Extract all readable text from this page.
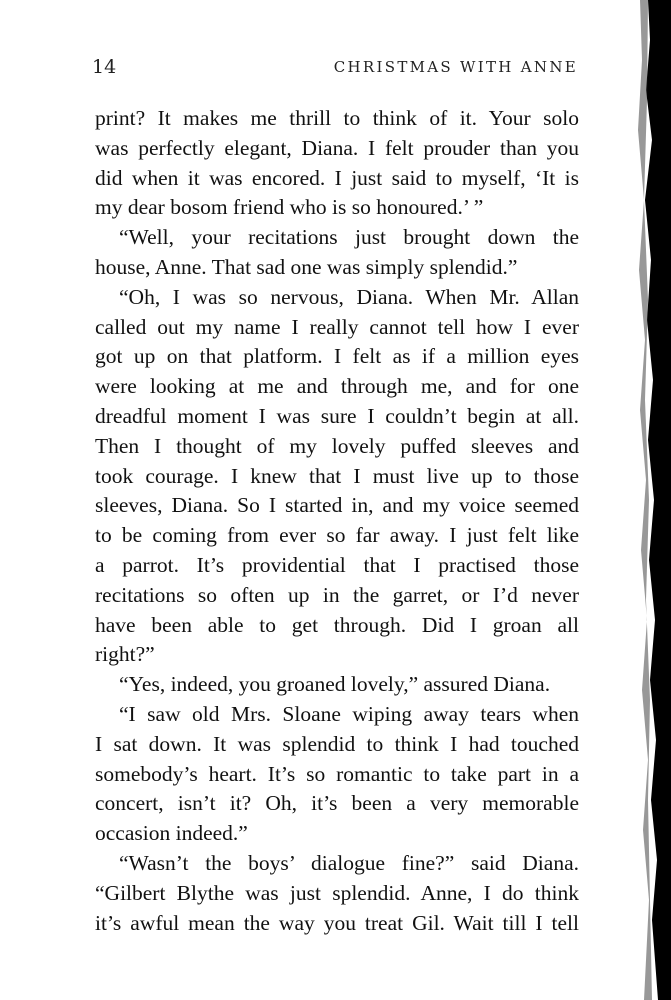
14	CHRISTMAS WITH ANNE
print? It makes me thrill to think of it. Your solo
was perfectly elegant, Diana. I felt prouder than you
did when it was encored. I just said to myself, ‘It is
my dear bosom friend who is so honoured.’ ”
“Well, your recitations just brought down the
house, Anne. That sad one was simply splendid.”
“Oh, I was so nervous, Diana. When Mr. Allan
called out my name I really cannot tell how I ever
got up on that platform. I felt as if a million eyes
were looking at me and through me, and for one
dreadful moment I was sure I couldn’t begin at all.
Then I thought of my lovely puffed sleeves and
took courage. I knew that I must live up to those
sleeves, Diana. So I started in, and my voice seemed
to be coming from ever so far away. I just felt like
a parrot. It’s providential that I practised those
recitations so often up in the garret, or I’d never
have been able to get through. Did I groan all
right?”
“Yes, indeed, you groaned lovely,” assured Diana.
“I saw old Mrs. Sloane wiping away tears when
I sat down. It was splendid to think I had touched
somebody’s heart. It’s so romantic to take part in a
concert, isn’t it? Oh, it’s been a very memorable
occasion indeed.”
“Wasn’t the boys’ dialogue fine?” said Diana.
“Gilbert Blythe was just splendid. Anne, I do think
it’s awful mean the way you treat Gil. Wait till I tell
